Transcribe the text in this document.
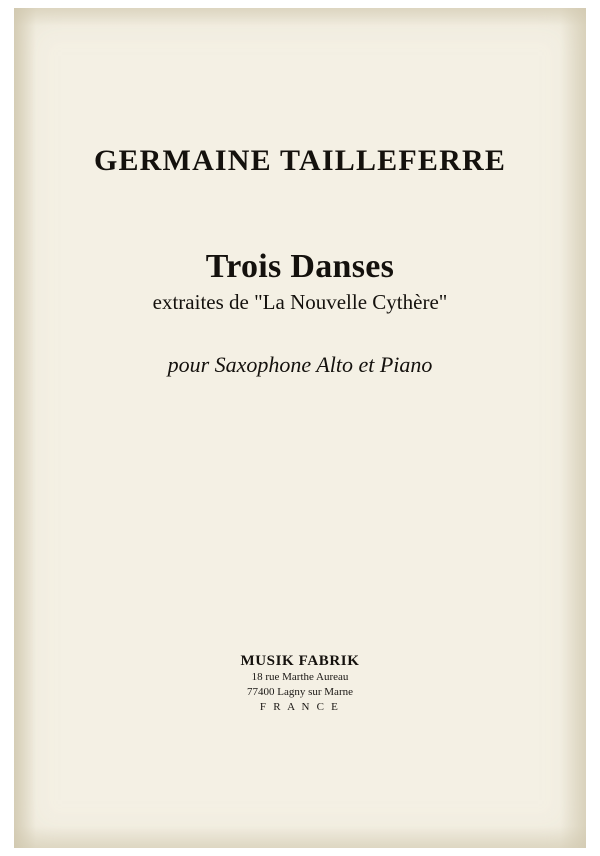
GERMAINE TAILLEFERRE
Trois Danses
extraites de "La Nouvelle Cythère"
pour Saxophone Alto et Piano
MUSIK FABRIK
18 rue Marthe Aureau
77400 Lagny sur Marne
F R A N C E
